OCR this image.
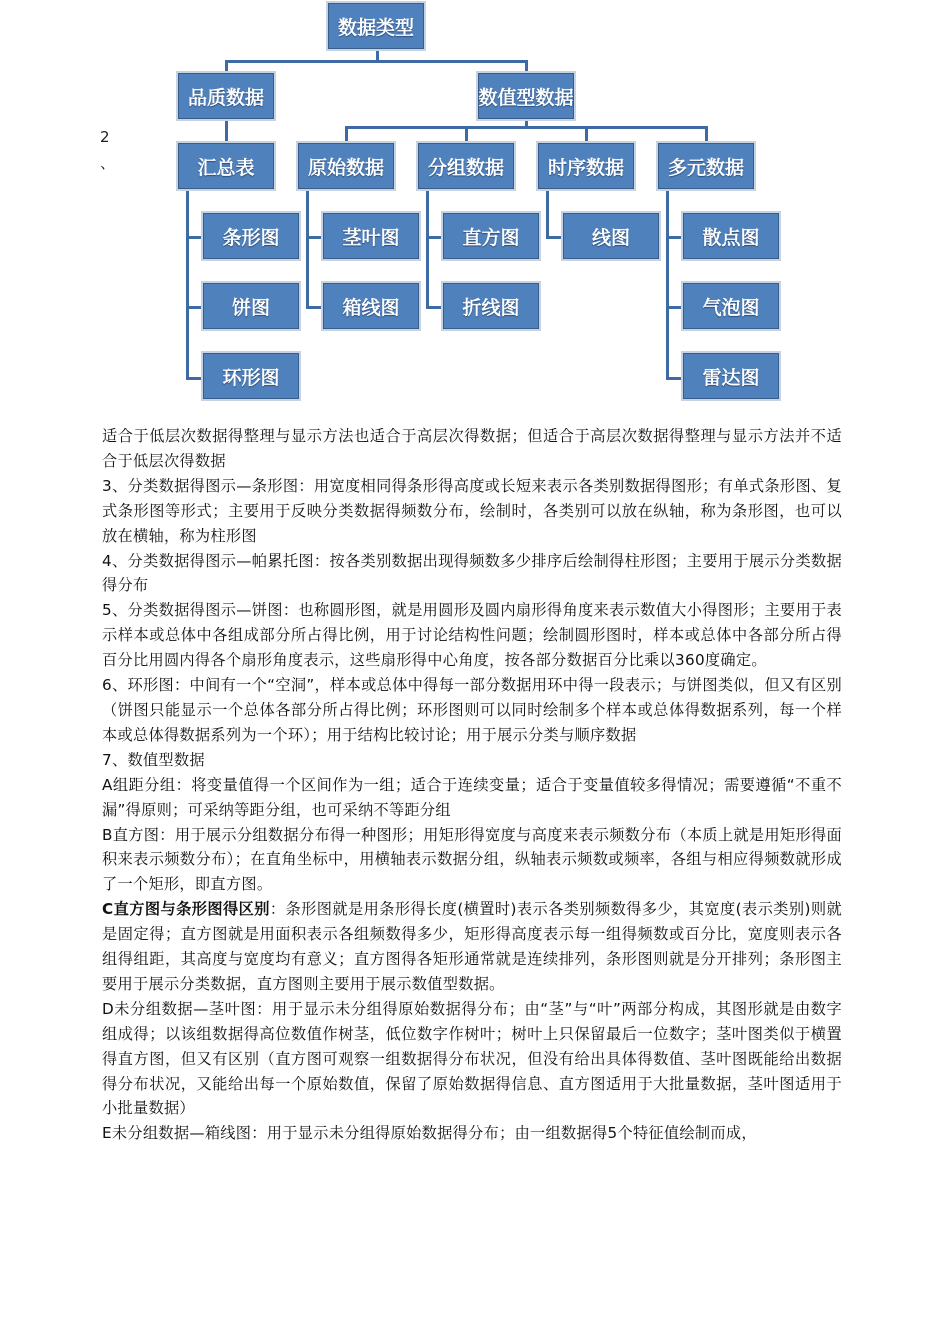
2
、
数据类型
品质数据	数值型数据
汇总表	原始数据	分组数据	时序数据	多元数据
条形图
饼图
环形图
茎叶图
箱线图
直方图
折线图
线图	散点图
气泡图
雷达图

适合于低层次数据得整理与显示方法也适合于高层次得数据；但适合于高层次数据得整理与显示方法并不适合于低层次得数据

3、分类数据得图示—条形图：用宽度相同得条形得高度或长短来表示各类别数据得图形；有单式条形图、复式条形图等形式；主要用于反映分类数据得频数分布，绘制时，各类别可以放在纵轴，称为条形图，也可以放在横轴，称为柱形图

4、分类数据得图示—帕累托图：按各类别数据出现得频数多少排序后绘制得柱形图；主要用于展示分类数据得分布

5、分类数据得图示—饼图：也称圆形图，就是用圆形及圆内扇形得角度来表示数值大小得图形；主要用于表示样本或总体中各组成部分所占得比例，用于讨论结构性问题；绘制圆形图时，样本或总体中各部分所占得百分比用圆内得各个扇形角度表示，这些扇形得中心角度，按各部分数据百分比乘以360度确定。

6、环形图：中间有一个“空洞”，样本或总体中得每一部分数据用环中得一段表示；与饼图类似，但又有区别（饼图只能显示一个总体各部分所占得比例；环形图则可以同时绘制多个样本或总体得数据系列，每一个样本或总体得数据系列为一个环）；用于结构比较讨论；用于展示分类与顺序数据

7、数值型数据

A组距分组：将变量值得一个区间作为一组；适合于连续变量；适合于变量值较多得情况；需要遵循“不重不漏”得原则；可采纳等距分组，也可采纳不等距分组

B直方图：用于展示分组数据分布得一种图形；用矩形得宽度与高度来表示频数分布（本质上就是用矩形得面积来表示频数分布）；在直角坐标中，用横轴表示数据分组，纵轴表示频数或频率，各组与相应得频数就形成了一个矩形，即直方图。

C直方图与条形图得区别：条形图就是用条形得长度(横置时)表示各类别频数得多少，其宽度(表示类别)则就是固定得；直方图就是用面积表示各组频数得多少，矩形得高度表示每一组得频数或百分比，宽度则表示各组得组距，其高度与宽度均有意义；直方图得各矩形通常就是连续排列，条形图则就是分开排列；条形图主要用于展示分类数据，直方图则主要用于展示数值型数据。

D未分组数据—茎叶图：用于显示未分组得原始数据得分布；由“茎”与“叶”两部分构成，其图形就是由数字组成得；以该组数据得高位数值作树茎，低位数字作树叶；树叶上只保留最后一位数字；茎叶图类似于横置得直方图，但又有区别（直方图可观察一组数据得分布状况，但没有给出具体得数值、茎叶图既能给出数据得分布状况，又能给出每一个原始数值，保留了原始数据得信息、直方图适用于大批量数据，茎叶图适用于小批量数据）

E未分组数据—箱线图：用于显示未分组得原始数据得分布；由一组数据得5个特征值绘制而成，
